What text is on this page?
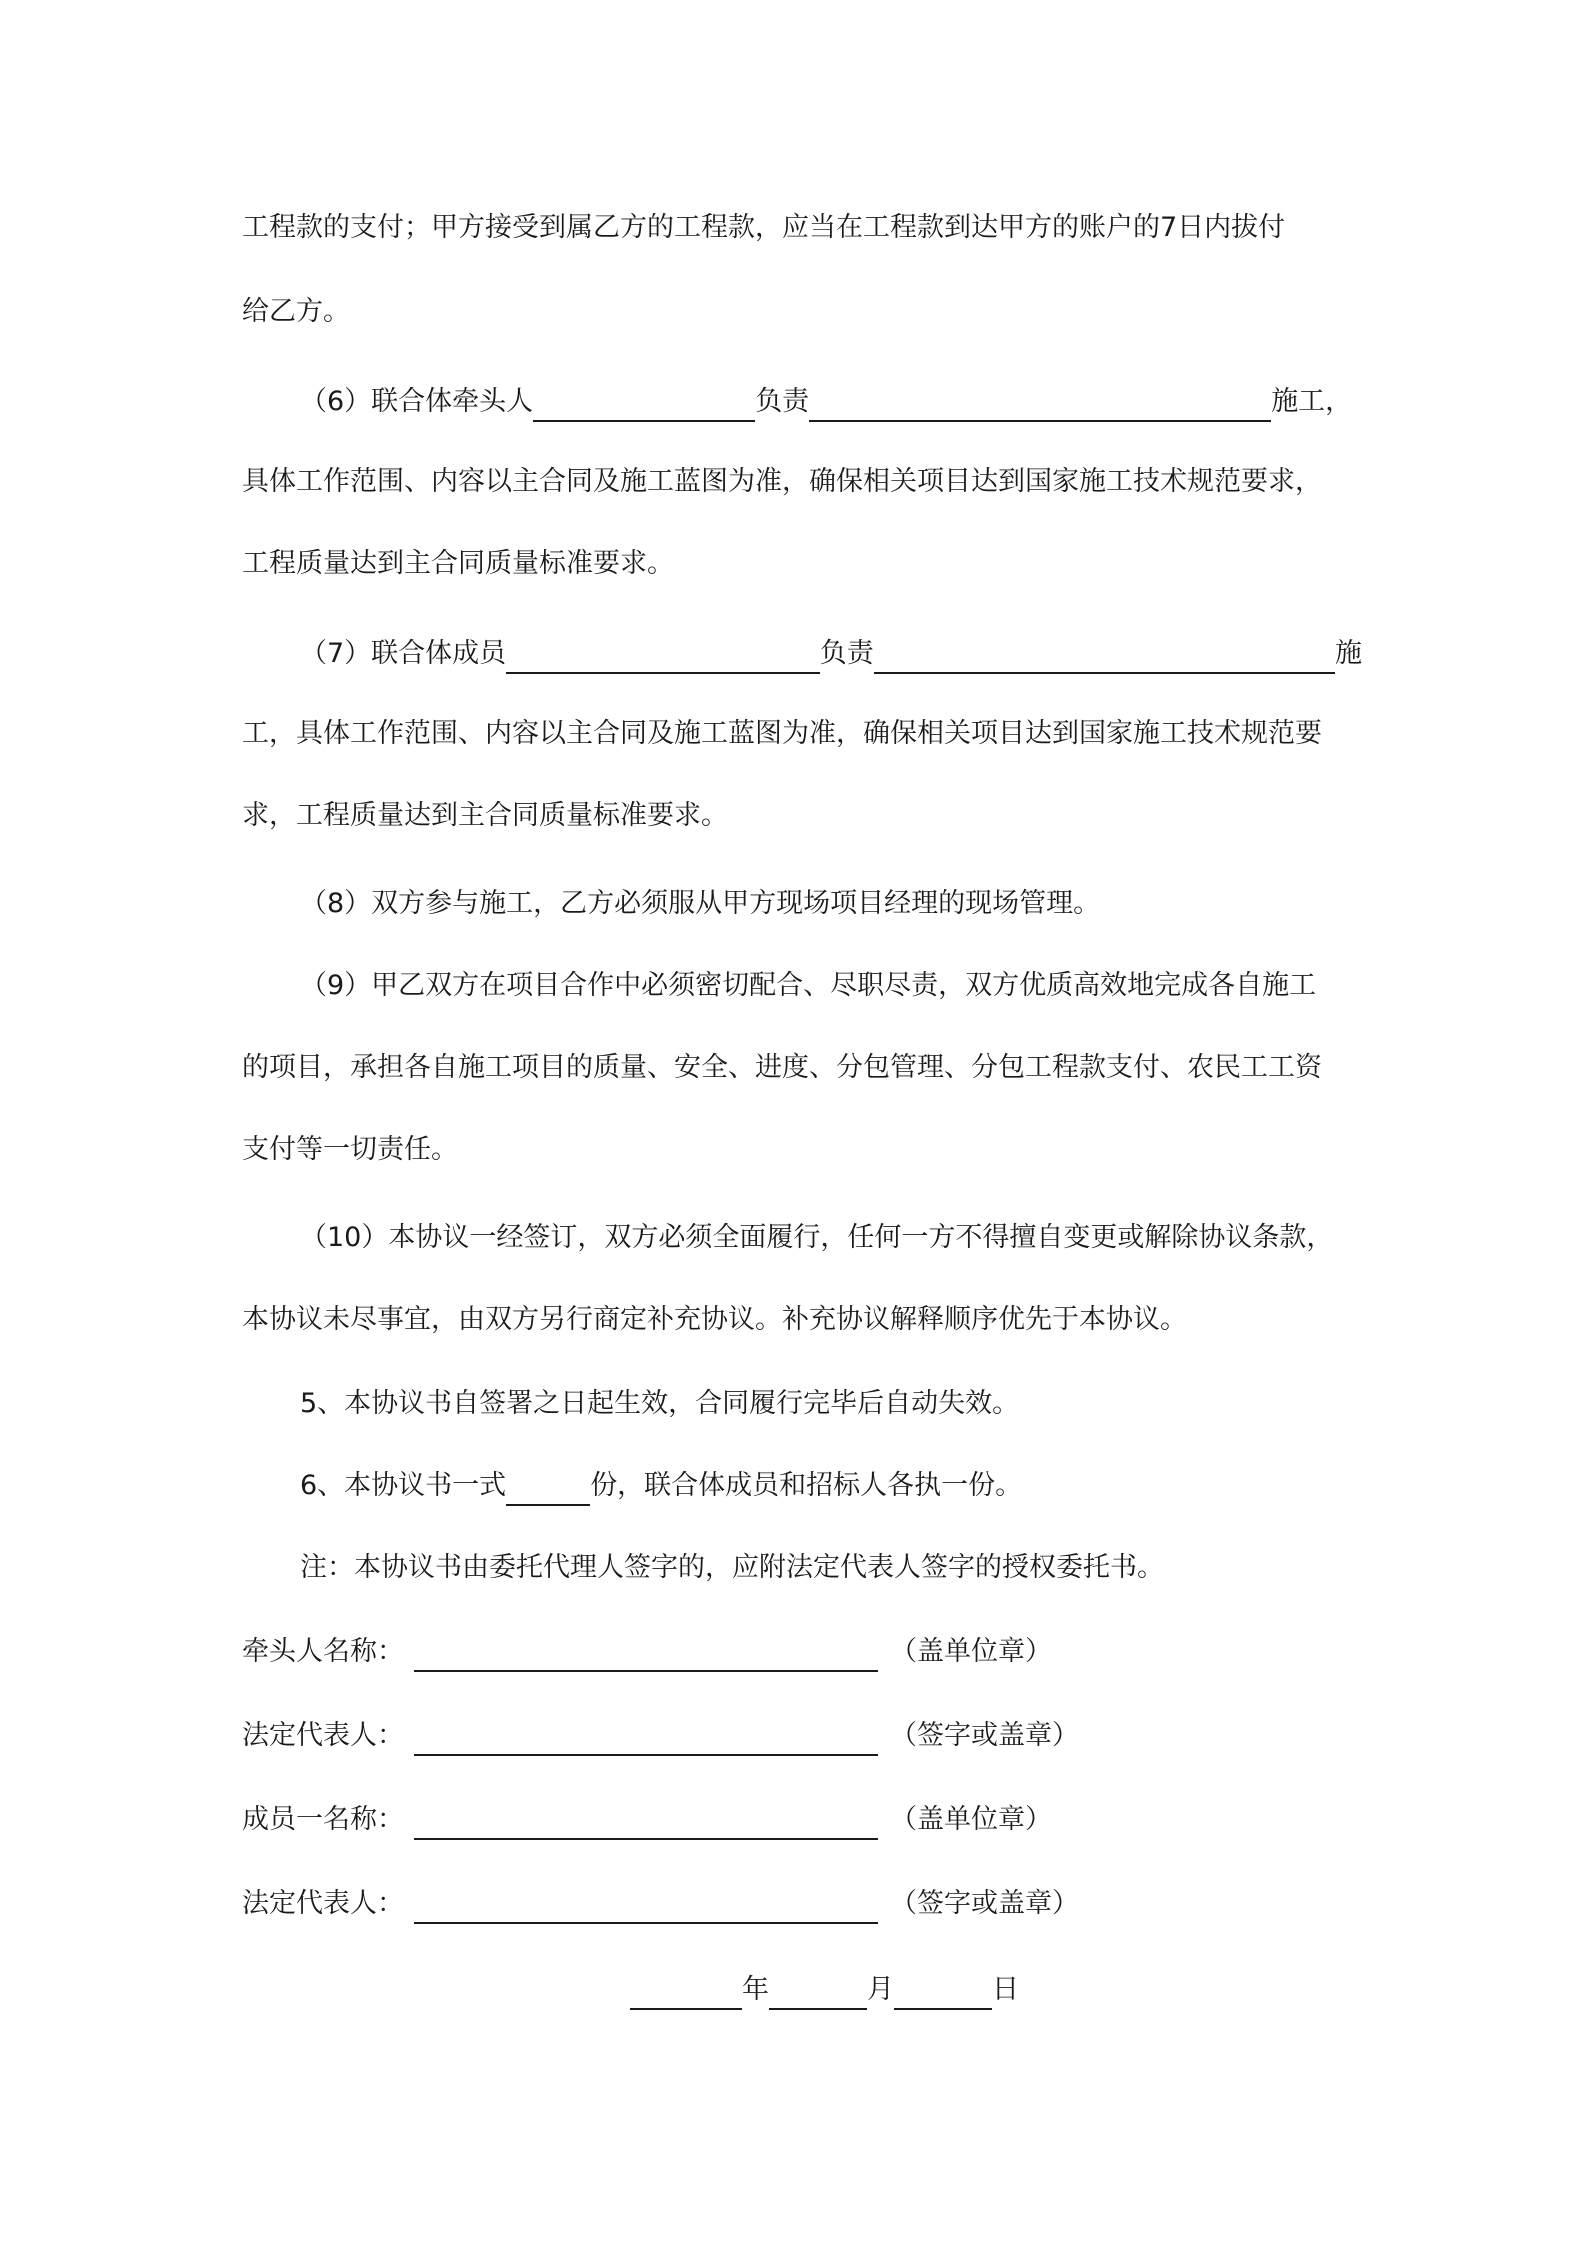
工程款的支付；甲方接受到属乙方的工程款，应当在工程款到达甲方的账户的7日内拔付
给乙方。
（6）联合体牵头人	负责	施工，
具体工作范围、内容以主合同及施工蓝图为准，确保相关项目达到国家施工技术规范要求，
工程质量达到主合同质量标准要求。
（7）联合体成员	负责	施
工，具体工作范围、内容以主合同及施工蓝图为准，确保相关项目达到国家施工技术规范要
求，工程质量达到主合同质量标准要求。
（8）双方参与施工，乙方必须服从甲方现场项目经理的现场管理。
（9）甲乙双方在项目合作中必须密切配合、尽职尽责，双方优质高效地完成各自施工
的项目，承担各自施工项目的质量、安全、进度、分包管理、分包工程款支付、农民工工资
支付等一切责任。
（10）本协议一经签订，双方必须全面履行，任何一方不得擅自变更或解除协议条款，
本协议未尽事宜，由双方另行商定补充协议。补充协议解释顺序优先于本协议。
5、本协议书自签署之日起生效，合同履行完毕后自动失效。
6、本协议书一式	份，联合体成员和招标人各执一份。
注：本协议书由委托代理人签字的，应附法定代表人签字的授权委托书。
牵头人名称：	（盖单位章）
法定代表人：	（签字或盖章）
成员一名称：	（盖单位章）
法定代表人：	（签字或盖章）
年	月	日
